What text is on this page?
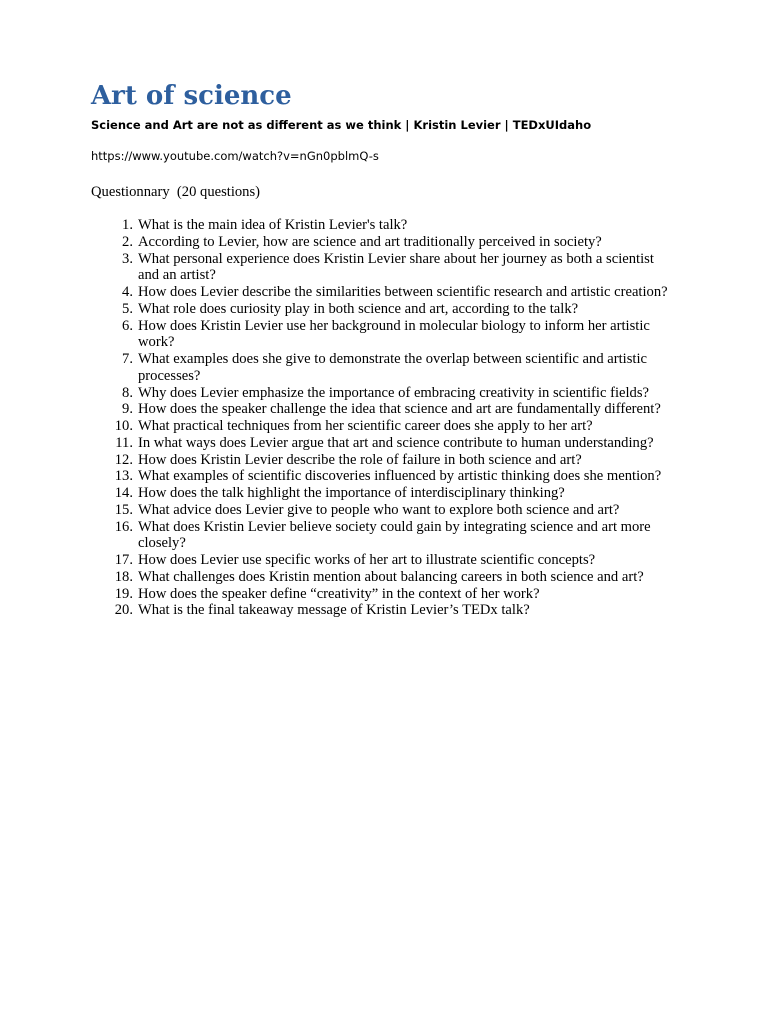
Art of science

Science and Art are not as different as we think | Kristin Levier | TEDxUIdaho

https://www.youtube.com/watch?v=nGn0pblmQ-s

Questionnary  (20 questions)

1. What is the main idea of Kristin Levier's talk?
2. According to Levier, how are science and art traditionally perceived in society?
3. What personal experience does Kristin Levier share about her journey as both a scientist and an artist?
4. How does Levier describe the similarities between scientific research and artistic creation?
5. What role does curiosity play in both science and art, according to the talk?
6. How does Kristin Levier use her background in molecular biology to inform her artistic work?
7. What examples does she give to demonstrate the overlap between scientific and artistic processes?
8. Why does Levier emphasize the importance of embracing creativity in scientific fields?
9. How does the speaker challenge the idea that science and art are fundamentally different?
10. What practical techniques from her scientific career does she apply to her art?
11. In what ways does Levier argue that art and science contribute to human understanding?
12. How does Kristin Levier describe the role of failure in both science and art?
13. What examples of scientific discoveries influenced by artistic thinking does she mention?
14. How does the talk highlight the importance of interdisciplinary thinking?
15. What advice does Levier give to people who want to explore both science and art?
16. What does Kristin Levier believe society could gain by integrating science and art more closely?
17. How does Levier use specific works of her art to illustrate scientific concepts?
18. What challenges does Kristin mention about balancing careers in both science and art?
19. How does the speaker define “creativity” in the context of her work?
20. What is the final takeaway message of Kristin Levier’s TEDx talk?
